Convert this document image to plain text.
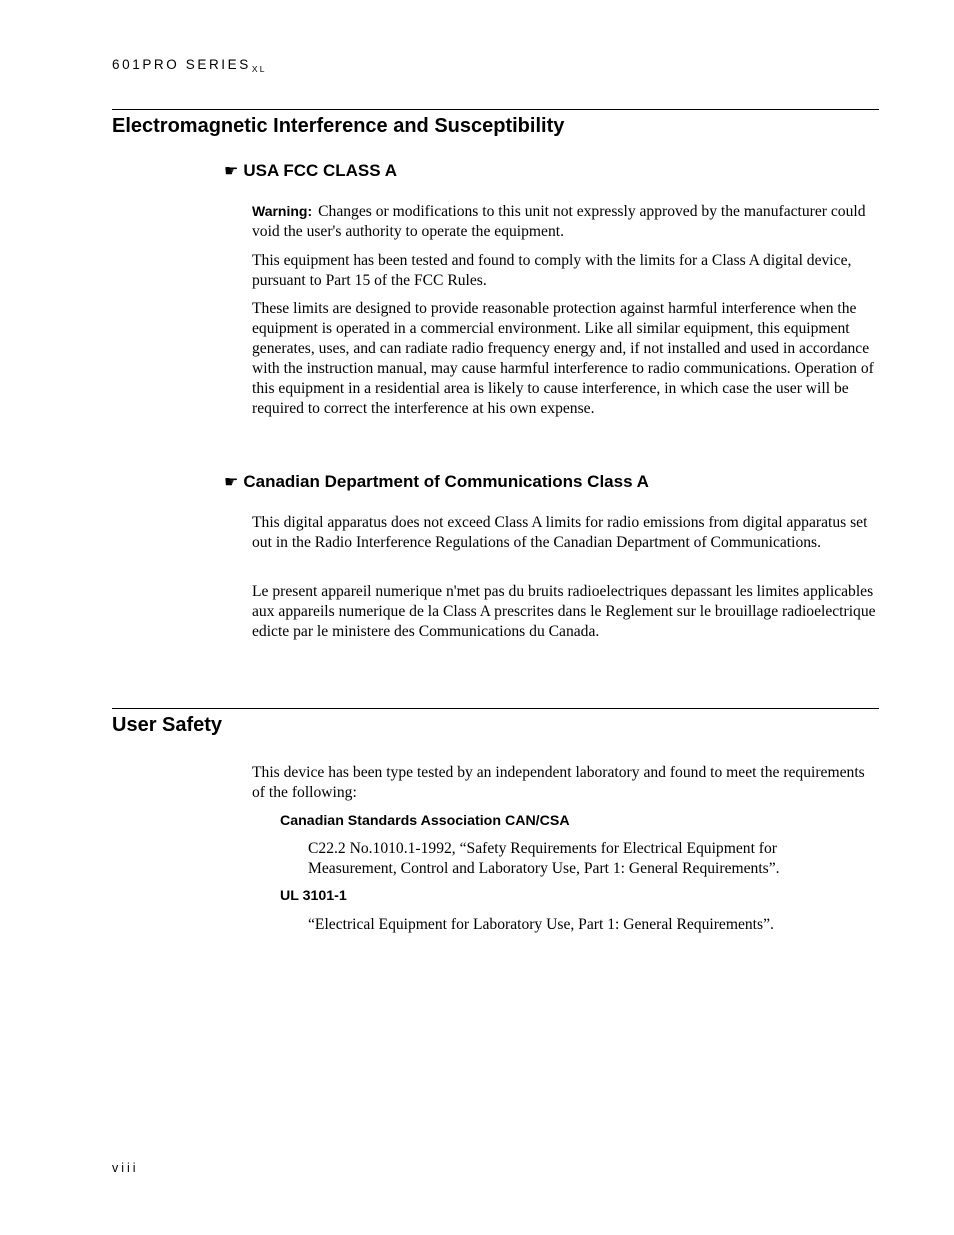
601PRO $SERIES_{XL}$
Electromagnetic Interference and Susceptibility
☛ USA FCC CLASS A

Warning: Changes or modifications to this unit not expressly approved by the manufacturer could void the user's authority to operate the equipment.

This equipment has been tested and found to comply with the limits for a Class A digital device, pursuant to Part 15 of the FCC Rules.

These limits are designed to provide reasonable protection against harmful interference when the equipment is operated in a commercial environment. Like all similar equipment, this equipment generates, uses, and can radiate radio frequency energy and, if not installed and used in accordance with the instruction manual, may cause harmful interference to radio communications. Operation of this equipment in a residential area is likely to cause interference, in which case the user will be required to correct the interference at his own expense.

☛ Canadian Department of Communications Class A

This digital apparatus does not exceed Class A limits for radio emissions from digital apparatus set out in the Radio Interference Regulations of the Canadian Department of Communications.

Le present appareil numerique n'met pas du bruits radioelectriques depassant les limites applicables aux appareils numerique de la Class A prescrites dans le Reglement sur le brouillage radioelectrique edicte par le ministere des Communications du Canada.

User Safety

This device has been type tested by an independent laboratory and found to meet the requirements of the following:

Canadian Standards Association CAN/CSA

C22.2 No.1010.1-1992, “Safety Requirements for Electrical Equipment for Measurement, Control and Laboratory Use, Part 1: General Requirements”.

UL 3101-1

“Electrical Equipment for Laboratory Use, Part 1: General Requirements”.

viii
